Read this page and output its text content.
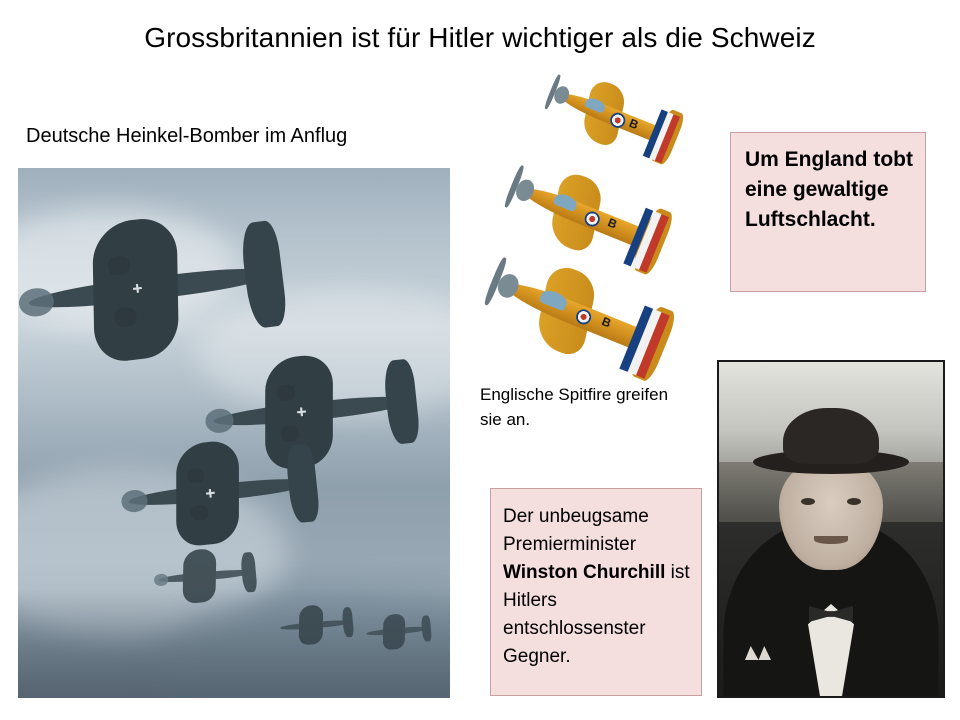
Grossbritannien ist für Hitler wichtiger als die Schweiz
Deutsche Heinkel-Bomber im Anflug
B
B
B
Englische Spitfire greifen sie an.
Um England tobt eine gewaltige Luftschlacht.
Der unbeugsame Premierminister Winston Churchill ist Hitlers entschlossenster Gegner.
